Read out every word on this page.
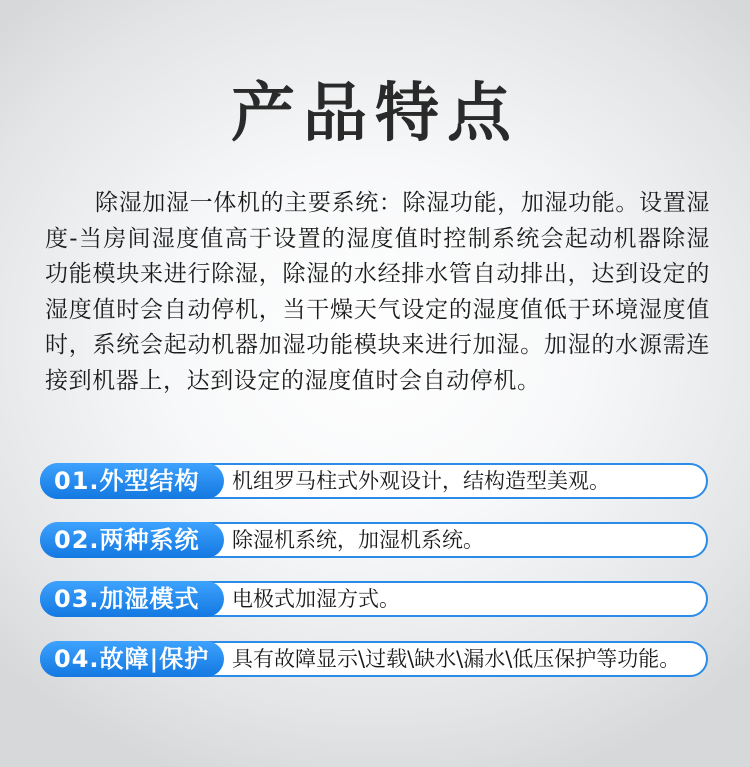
产品特点
除湿加湿一体机的主要系统：除湿功能，加湿功能。设置湿度-当房间湿度值高于设置的湿度值时控制系统会起动机器除湿功能模块来进行除湿，除湿的水经排水管自动排出，达到设定的湿度值时会自动停机，当干燥天气设定的湿度值低于环境湿度值时，系统会起动机器加湿功能模块来进行加湿。加湿的水源需连接到机器上，达到设定的湿度值时会自动停机。
01.外型结构	机组罗马柱式外观设计，结构造型美观。
02.两种系统	除湿机系统，加湿机系统。
03.加湿模式	电极式加湿方式。
04.故障|保护	具有故障显示\过载\缺水\漏水\低压保护等功能。
